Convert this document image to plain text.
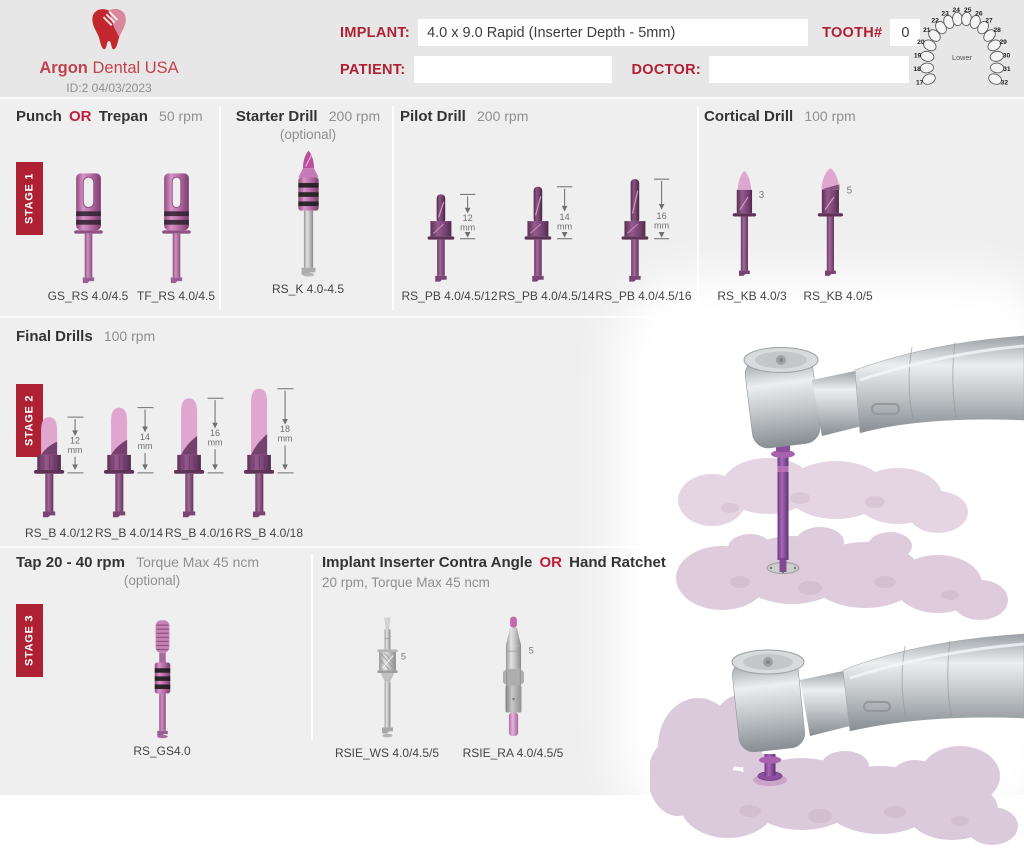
Argon Dental USA
ID:2 04/03/2023
IMPLANT:
4.0 x 9.0 Rapid (Inserter Depth - 5mm)	TOOTH#
0
PATIENT:	DOCTOR:
Lower
17
18
19
20
21
22
23
24 25
26
27
28
29
30
31
32
STAGE 1
STAGE 2
STAGE 3
Punch OR Trepan 50 rpm
GS_RS 4.0/4.5 TF_RS 4.0/4.5
Starter Drill 200 rpm
(optional)
RS_K 4.0-4.5
Pilot Drill 200 rpm
12
mm
RS_PB 4.0/4.5/12
14
mm
RS_PB 4.0/4.5/14
16
mm
RS_PB 4.0/4.5/16
Cortical Drill 100 rpm
3
RS_KB 4.0/3
5
RS_KB 4.0/5
Final Drills 100 rpm
12
mm
RS_B 4.0/12
14
mm
RS_B 4.0/14
16
mm
RS_B 4.0/16
18
mm
RS_B 4.0/18
Tap 20 - 40 rpm Torque Max 45 ncm
(optional)
RS_GS4.0
Implant Inserter Contra Angle OR Hand Ratchet
20 rpm, Torque Max 45 ncm
5
RSIE_WS 4.0/4.5/5
5
RSIE_RA 4.0/4.5/5
